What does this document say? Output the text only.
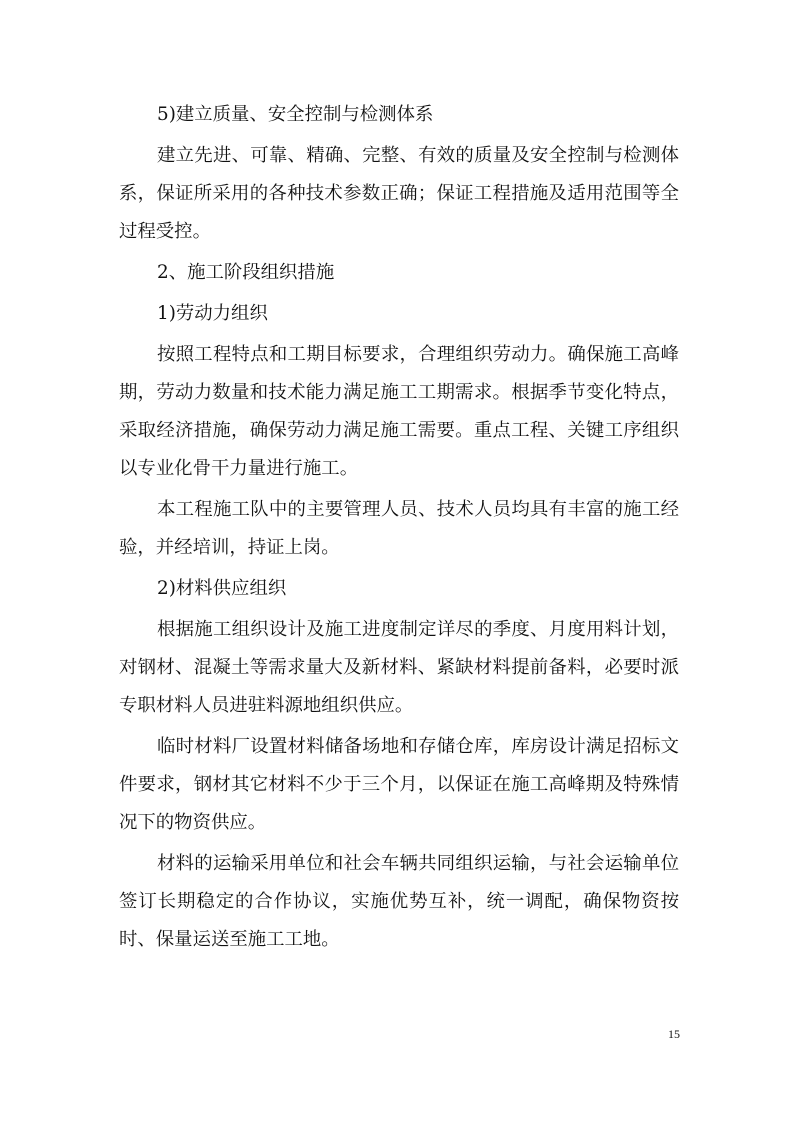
5)建立质量、安全控制与检测体系

建立先进、可靠、精确、完整、有效的质量及安全控制与检测体系，保证所采用的各种技术参数正确；保证工程措施及适用范围等全过程受控。

2、施工阶段组织措施

1)劳动力组织

按照工程特点和工期目标要求，合理组织劳动力。确保施工高峰期，劳动力数量和技术能力满足施工工期需求。根据季节变化特点，采取经济措施，确保劳动力满足施工需要。重点工程、关键工序组织以专业化骨干力量进行施工。

本工程施工队中的主要管理人员、技术人员均具有丰富的施工经验，并经培训，持证上岗。

2)材料供应组织

根据施工组织设计及施工进度制定详尽的季度、月度用料计划，对钢材、混凝土等需求量大及新材料、紧缺材料提前备料，必要时派专职材料人员进驻料源地组织供应。

临时材料厂设置材料储备场地和存储仓库，库房设计满足招标文件要求，钢材其它材料不少于三个月，以保证在施工高峰期及特殊情况下的物资供应。

材料的运输采用单位和社会车辆共同组织运输，与社会运输单位签订长期稳定的合作协议，实施优势互补，统一调配，确保物资按时、保量运送至施工工地。

15
